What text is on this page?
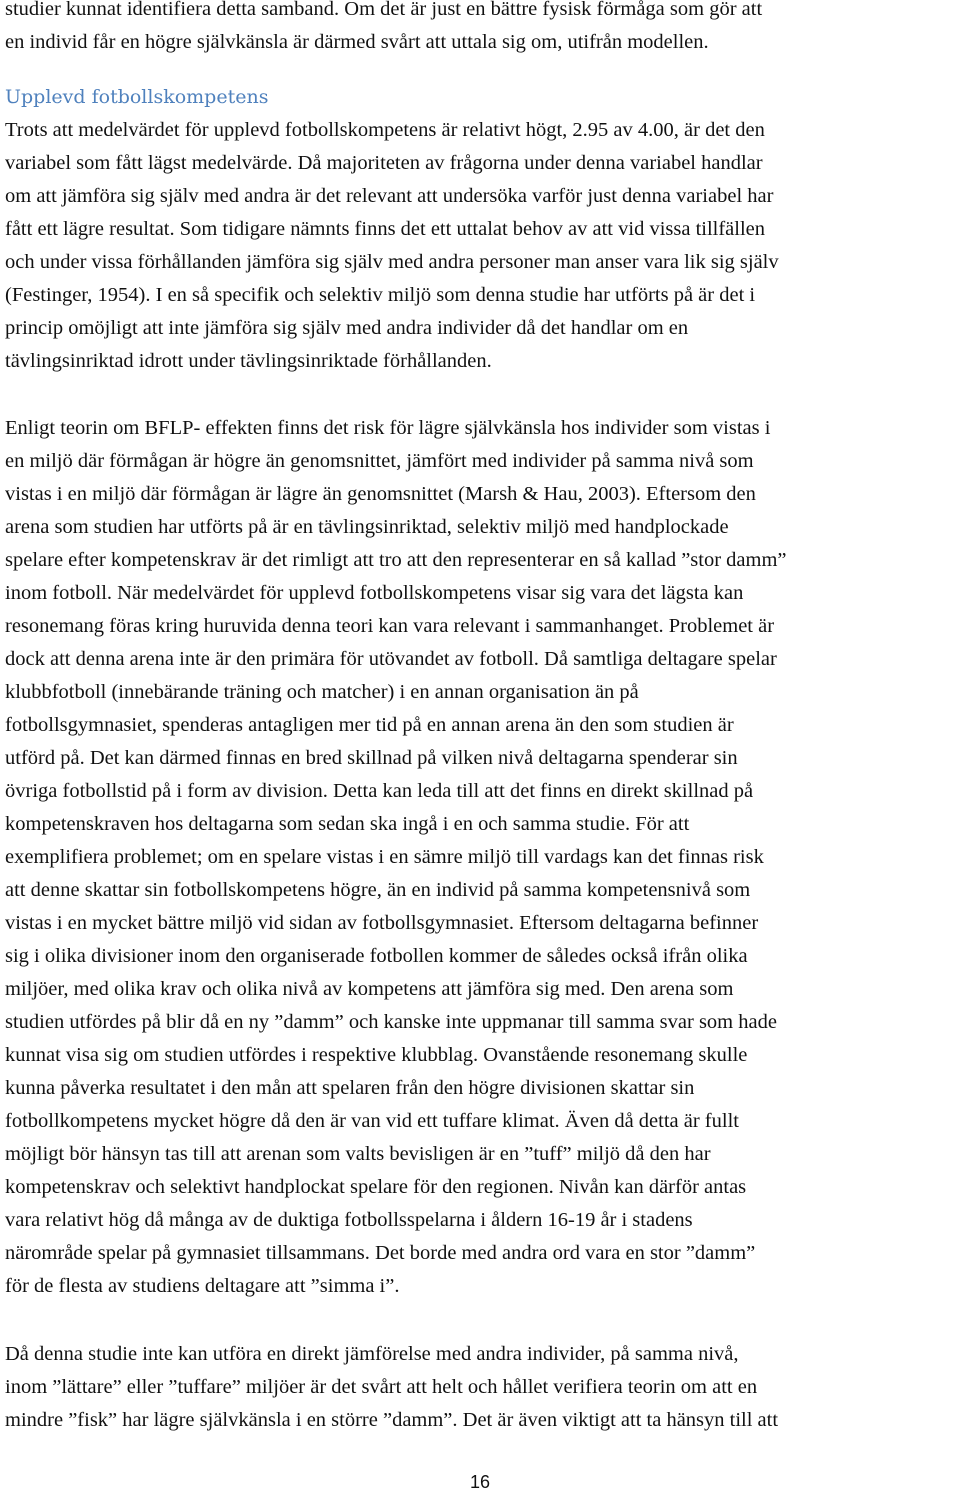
studier kunnat identifiera detta samband. Om det är just en bättre fysisk förmåga som gör att
en individ får en högre självkänsla är därmed svårt att uttala sig om, utifrån modellen.
Upplevd fotbollskompetens
Trots att medelvärdet för upplevd fotbollskompetens är relativt högt, 2.95 av 4.00, är det den
variabel som fått lägst medelvärde. Då majoriteten av frågorna under denna variabel handlar
om att jämföra sig själv med andra är det relevant att undersöka varför just denna variabel har
fått ett lägre resultat. Som tidigare nämnts finns det ett uttalat behov av att vid vissa tillfällen
och under vissa förhållanden jämföra sig själv med andra personer man anser vara lik sig själv
(Festinger, 1954). I en så specifik och selektiv miljö som denna studie har utförts på är det i
princip omöjligt att inte jämföra sig själv med andra individer då det handlar om en
tävlingsinriktad idrott under tävlingsinriktade förhållanden.
Enligt teorin om BFLP- effekten finns det risk för lägre självkänsla hos individer som vistas i
en miljö där förmågan är högre än genomsnittet, jämfört med individer på samma nivå som
vistas i en miljö där förmågan är lägre än genomsnittet (Marsh & Hau, 2003). Eftersom den
arena som studien har utförts på är en tävlingsinriktad, selektiv miljö med handplockade
spelare efter kompetenskrav är det rimligt att tro att den representerar en så kallad ”stor damm”
inom fotboll. När medelvärdet för upplevd fotbollskompetens visar sig vara det lägsta kan
resonemang föras kring huruvida denna teori kan vara relevant i sammanhanget. Problemet är
dock att denna arena inte är den primära för utövandet av fotboll. Då samtliga deltagare spelar
klubbfotboll (innebärande träning och matcher) i en annan organisation än på
fotbollsgymnasiet, spenderas antagligen mer tid på en annan arena än den som studien är
utförd på. Det kan därmed finnas en bred skillnad på vilken nivå deltagarna spenderar sin
övriga fotbollstid på i form av division. Detta kan leda till att det finns en direkt skillnad på
kompetenskraven hos deltagarna som sedan ska ingå i en och samma studie. För att
exemplifiera problemet; om en spelare vistas i en sämre miljö till vardags kan det finnas risk
att denne skattar sin fotbollskompetens högre, än en individ på samma kompetensnivå som
vistas i en mycket bättre miljö vid sidan av fotbollsgymnasiet. Eftersom deltagarna befinner
sig i olika divisioner inom den organiserade fotbollen kommer de således också ifrån olika
miljöer, med olika krav och olika nivå av kompetens att jämföra sig med. Den arena som
studien utfördes på blir då en ny ”damm” och kanske inte uppmanar till samma svar som hade
kunnat visa sig om studien utfördes i respektive klubblag. Ovanstående resonemang skulle
kunna påverka resultatet i den mån att spelaren från den högre divisionen skattar sin
fotbollkompetens mycket högre då den är van vid ett tuffare klimat. Även då detta är fullt
möjligt bör hänsyn tas till att arenan som valts bevisligen är en ”tuff” miljö då den har
kompetenskrav och selektivt handplockat spelare för den regionen. Nivån kan därför antas
vara relativt hög då många av de duktiga fotbollsspelarna i åldern 16-19 år i stadens
närområde spelar på gymnasiet tillsammans. Det borde med andra ord vara en stor ”damm”
för de flesta av studiens deltagare att ”simma i”.
Då denna studie inte kan utföra en direkt jämförelse med andra individer, på samma nivå,
inom ”lättare” eller ”tuffare” miljöer är det svårt att helt och hållet verifiera teorin om att en
mindre ”fisk” har lägre självkänsla i en större ”damm”. Det är även viktigt att ta hänsyn till att
16
